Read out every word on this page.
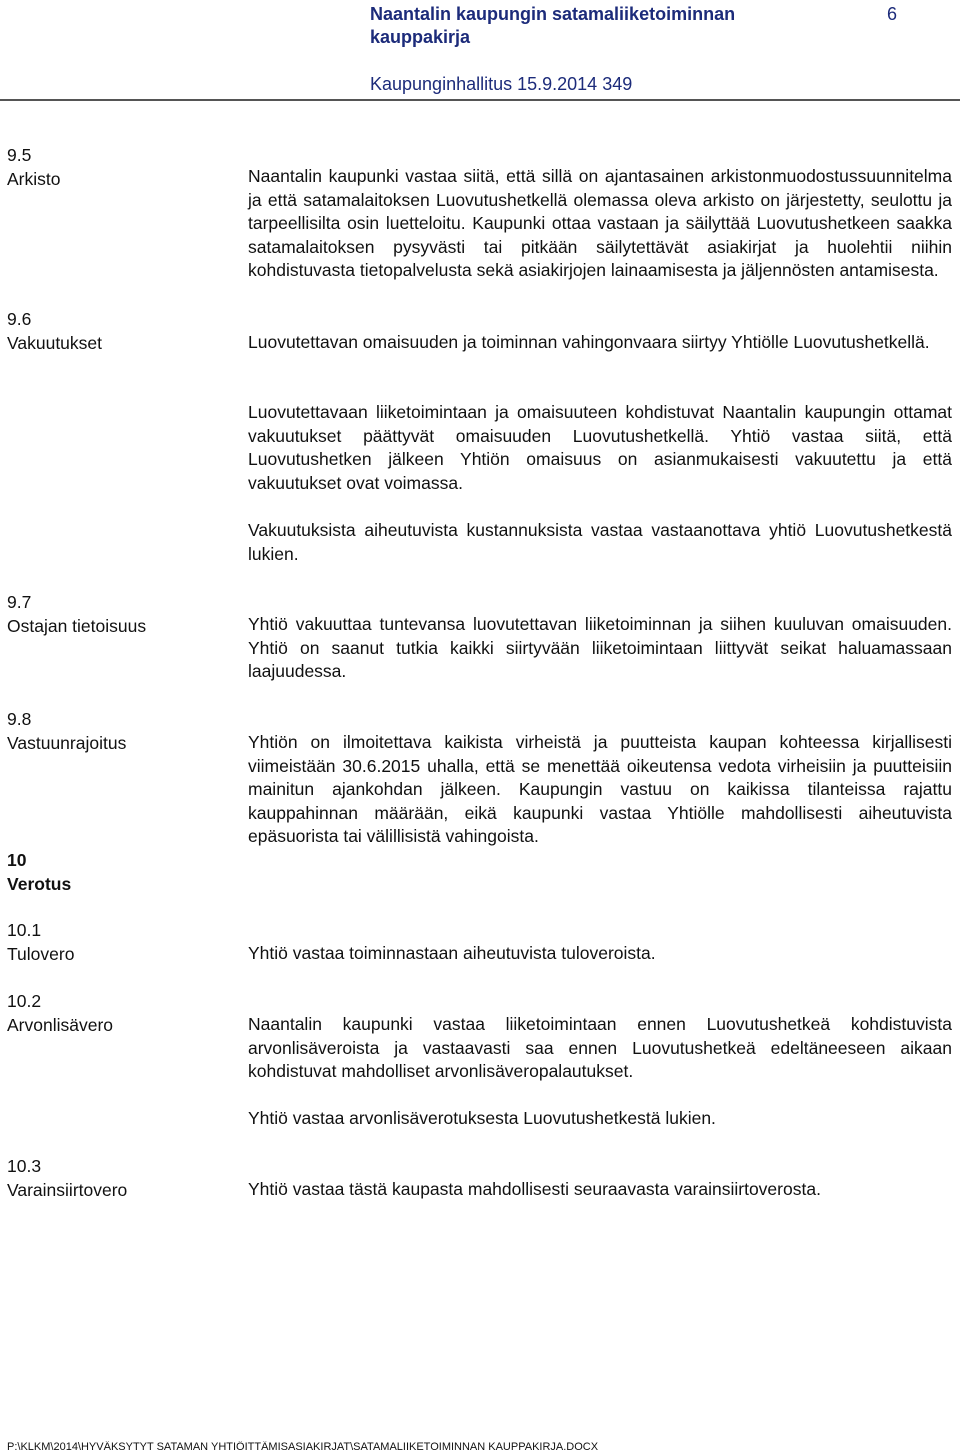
Naantalin kaupungin satamaliiketoiminnan kauppakirja
6
Kaupunginhallitus 15.9.2014 349
9.5
Arkisto
9.6
Vakuutukset
9.7
Ostajan tietoisuus
9.8
Vastuunrajoitus
10
Verotus
10.1
Tulovero
10.2
Arvonlisävero
10.3
Varainsiirtovero
Naantalin kaupunki vastaa siitä, että sillä on ajantasainen arkistonmuodostussuunnitelma ja että satamalaitoksen Luovutushetkellä olemassa oleva arkisto on järjestetty, seulottu ja tarpeellisilta osin luetteloitu. Kaupunki ottaa vastaan ja säilyttää Luovutushetkeen saakka satamalaitoksen pysyvästi tai pitkään säilytettävät asiakirjat ja huolehtii niihin kohdistuvasta tietopalvelusta sekä asiakirjojen lainaamisesta ja jäljennösten antamisesta.
Luovutettavan omaisuuden ja toiminnan vahingonvaara siirtyy Yhtiölle Luovutushetkellä.
Luovutettavaan liiketoimintaan ja omaisuuteen kohdistuvat Naantalin kaupungin ottamat vakuutukset päättyvät omaisuuden Luovutushetkellä. Yhtiö vastaa siitä, että Luovutushetken jälkeen Yhtiön omaisuus on asianmukaisesti vakuutettu ja että vakuutukset ovat voimassa.
Vakuutuksista aiheutuvista kustannuksista vastaa vastaanottava yhtiö Luovutushetkestä lukien.
Yhtiö vakuuttaa tuntevansa luovutettavan liiketoiminnan ja siihen kuuluvan omaisuuden. Yhtiö on saanut tutkia kaikki siirtyvään liiketoimintaan liittyvät seikat haluamassaan laajuudessa.
Yhtiön on ilmoitettava kaikista virheistä ja puutteista kaupan kohteessa kirjallisesti viimeistään 30.6.2015 uhalla, että se menettää oikeutensa vedota virheisiin ja puutteisiin mainitun ajankohdan jälkeen. Kaupungin vastuu on kaikissa tilanteissa rajattu kauppahinnan määrään, eikä kaupunki vastaa Yhtiölle mahdollisesti aiheutuvista epäsuorista tai välillisistä vahingoista.
Yhtiö vastaa toiminnastaan aiheutuvista tuloveroista.
Naantalin kaupunki vastaa liiketoimintaan ennen Luovutushetkeä kohdistuvista arvonlisäveroista ja vastaavasti saa ennen Luovutushetkeä edeltäneeseen aikaan kohdistuvat mahdolliset arvonlisäveropalautukset.
Yhtiö vastaa arvonlisäverotuksesta Luovutushetkestä lukien.
Yhtiö vastaa tästä kaupasta mahdollisesti seuraavasta varainsiirtoverosta.
P:\KLKM\2014\HYVÄKSYTYT SATAMAN YHTIÖITTÄMISASIAKIRJAT\SATAMALIIKETOIMINNAN KAUPPAKIRJA.DOCX
